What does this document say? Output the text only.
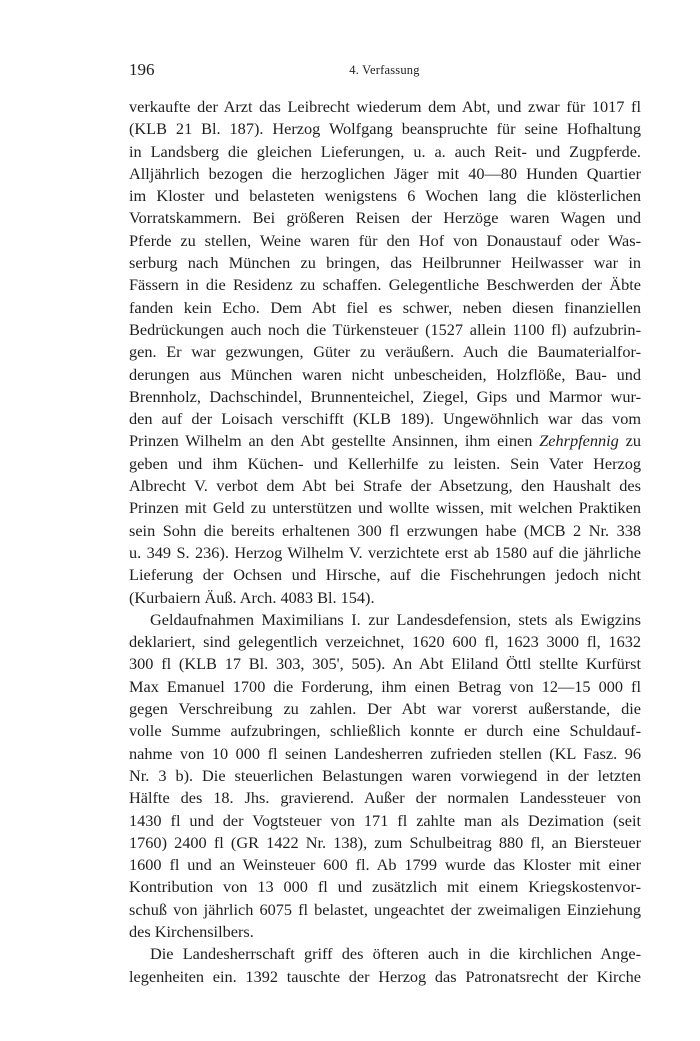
196	4. Verfassung
verkaufte der Arzt das Leibrecht wiederum dem Abt, und zwar für 1017 fl
(KLB 21 Bl. 187). Herzog Wolfgang beanspruchte für seine Hofhaltung
in Landsberg die gleichen Lieferungen, u. a. auch Reit- und Zugpferde.
Alljährlich bezogen die herzoglichen Jäger mit 40—80 Hunden Quartier
im Kloster und belasteten wenigstens 6 Wochen lang die klösterlichen
Vorratskammern. Bei größeren Reisen der Herzöge waren Wagen und
Pferde zu stellen, Weine waren für den Hof von Donaustauf oder Was-
serburg nach München zu bringen, das Heilbrunner Heilwasser war in
Fässern in die Residenz zu schaffen. Gelegentliche Beschwerden der Äbte
fanden kein Echo. Dem Abt fiel es schwer, neben diesen finanziellen
Bedrückungen auch noch die Türkensteuer (1527 allein 1100 fl) aufzubrin-
gen. Er war gezwungen, Güter zu veräußern. Auch die Baumaterialfor-
derungen aus München waren nicht unbescheiden, Holzflöße, Bau- und
Brennholz, Dachschindel, Brunnenteichel, Ziegel, Gips und Marmor wur-
den auf der Loisach verschifft (KLB 189). Ungewöhnlich war das vom
Prinzen Wilhelm an den Abt gestellte Ansinnen, ihm einen Zehrpfennig zu
geben und ihm Küchen- und Kellerhilfe zu leisten. Sein Vater Herzog
Albrecht V. verbot dem Abt bei Strafe der Absetzung, den Haushalt des
Prinzen mit Geld zu unterstützen und wollte wissen, mit welchen Praktiken
sein Sohn die bereits erhaltenen 300 fl erzwungen habe (MCB 2 Nr. 338
u. 349 S. 236). Herzog Wilhelm V. verzichtete erst ab 1580 auf die jährliche
Lieferung der Ochsen und Hirsche, auf die Fischehrungen jedoch nicht
(Kurbaiern Äuß. Arch. 4083 Bl. 154).
Geldaufnahmen Maximilians I. zur Landesdefension, stets als Ewigzins
deklariert, sind gelegentlich verzeichnet, 1620 600 fl, 1623 3000 fl, 1632
300 fl (KLB 17 Bl. 303, 305', 505). An Abt Eliland Öttl stellte Kurfürst
Max Emanuel 1700 die Forderung, ihm einen Betrag von 12—15 000 fl
gegen Verschreibung zu zahlen. Der Abt war vorerst außerstande, die
volle Summe aufzubringen, schließlich konnte er durch eine Schuldauf-
nahme von 10 000 fl seinen Landesherren zufrieden stellen (KL Fasz. 96
Nr. 3 b). Die steuerlichen Belastungen waren vorwiegend in der letzten
Hälfte des 18. Jhs. gravierend. Außer der normalen Landessteuer von
1430 fl und der Vogtsteuer von 171 fl zahlte man als Dezimation (seit
1760) 2400 fl (GR 1422 Nr. 138), zum Schulbeitrag 880 fl, an Biersteuer
1600 fl und an Weinsteuer 600 fl. Ab 1799 wurde das Kloster mit einer
Kontribution von 13 000 fl und zusätzlich mit einem Kriegskostenvor-
schuß von jährlich 6075 fl belastet, ungeachtet der zweimaligen Einziehung
des Kirchensilbers.
Die Landesherrschaft griff des öfteren auch in die kirchlichen Ange-
legenheiten ein. 1392 tauschte der Herzog das Patronatsrecht der Kirche
